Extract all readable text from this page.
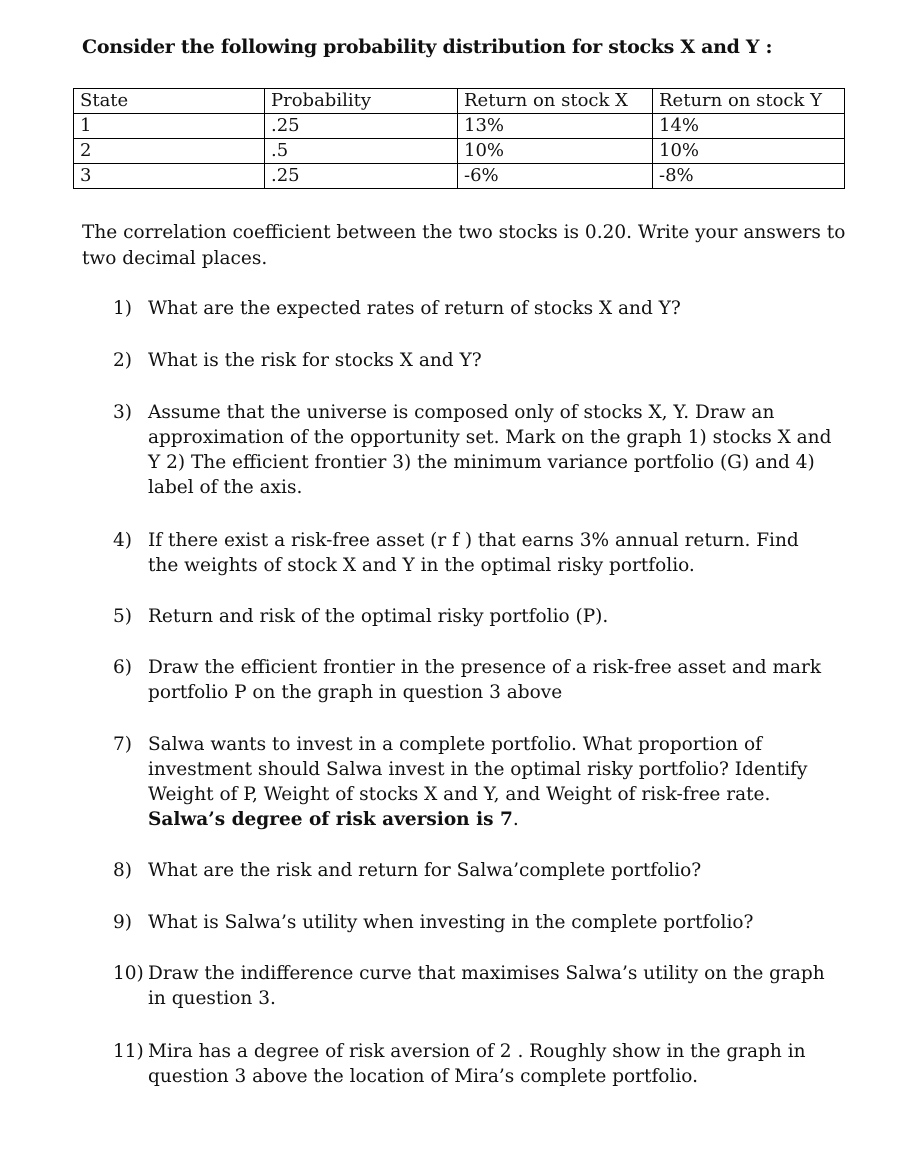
Consider the following probability distribution for stocks X and Y :
State	Probability	Return on stock X	Return on stock Y
1	.25	13%	14%
2	.5	10%	10%
3	.25	-6%	-8%
The correlation coefficient between the two stocks is 0.20. Write your answers to two decimal places.
1) What are the expected rates of return of stocks X and Y?
2) What is the risk for stocks X and Y?
3) Assume that the universe is composed only of stocks X, Y. Draw an approximation of the opportunity set. Mark on the graph 1) stocks X and Y 2) The efficient frontier 3) the minimum variance portfolio (G) and 4) label of the axis.
4) If there exist a risk-free asset (r f ) that earns 3% annual return. Find the weights of stock X and Y in the optimal risky portfolio.
5) Return and risk of the optimal risky portfolio (P).
6) Draw the efficient frontier in the presence of a risk-free asset and mark portfolio P on the graph in question 3 above
7) Salwa wants to invest in a complete portfolio. What proportion of investment should Salwa invest in the optimal risky portfolio? Identify Weight of P, Weight of stocks X and Y, and Weight of risk-free rate.
Salwa’s degree of risk aversion is 7.
8) What are the risk and return for Salwa’complete portfolio?
9) What is Salwa’s utility when investing in the complete portfolio?
10) Draw the indifference curve that maximises Salwa’s utility on the graph in question 3.
11) Mira has a degree of risk aversion of 2 . Roughly show in the graph in question 3 above the location of Mira’s complete portfolio.
